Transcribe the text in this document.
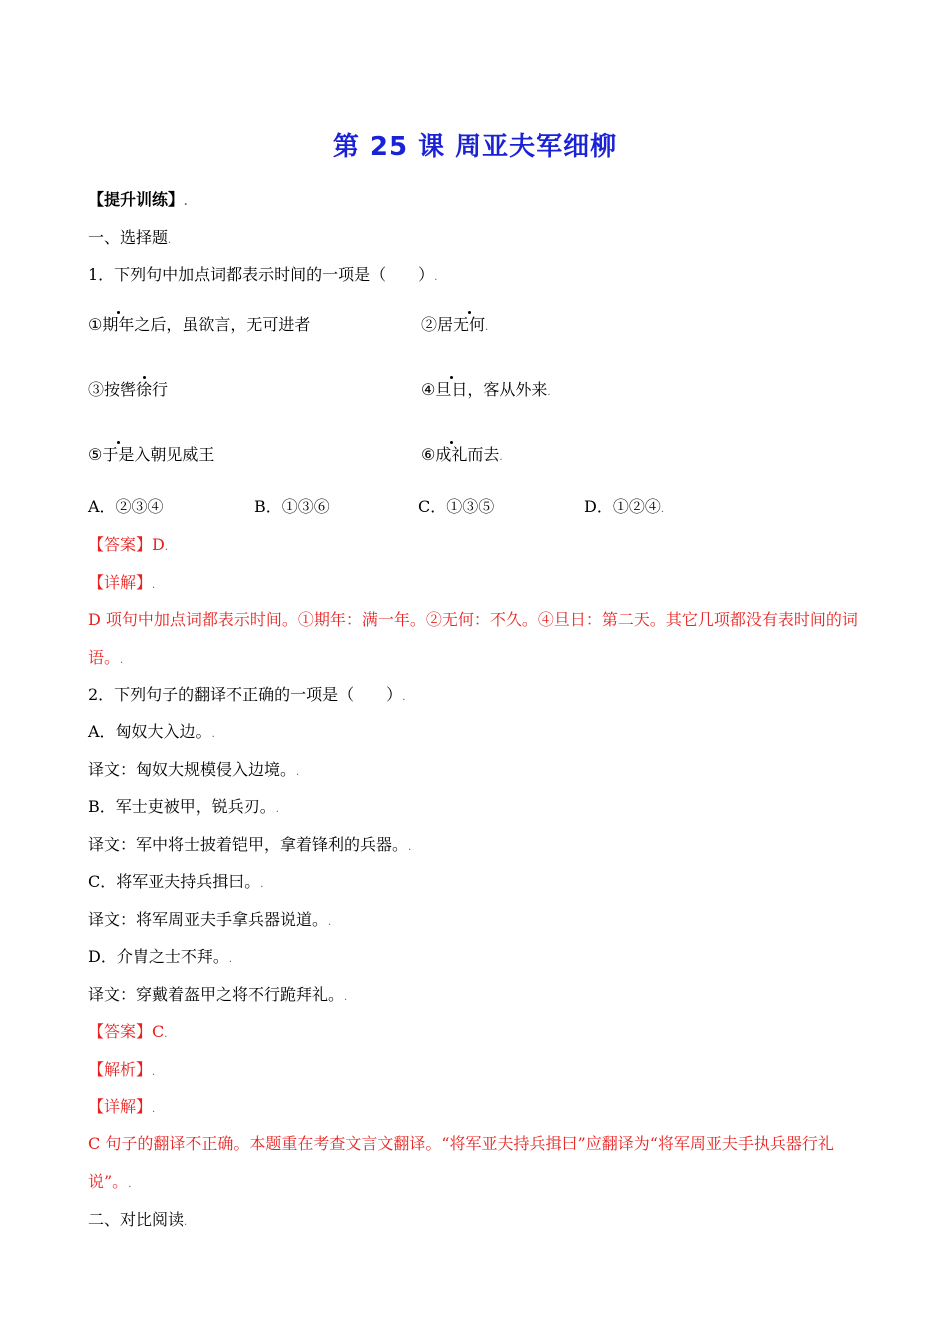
第 25 课 周亚夫军细柳
【提升训练】.
一、选择题.
1．下列句中加点词都表示时间的一项是（　　）.
①期年之后，虽欲言，无可进者	②居无何.
③按辔徐行	④旦日，客从外来.
⑤于是入朝见威王	⑥成礼而去.
A．②③④	B．①③⑥	C．①③⑤	D．①②④.
【答案】D.
【详解】.
D 项句中加点词都表示时间。①期年：满一年。②无何：不久。④旦日：第二天。其它几项都没有表时间的词语。.
2．下列句子的翻译不正确的一项是（　　）.
A．匈奴大入边。.
译文：匈奴大规模侵入边境。.
B．军士吏被甲，锐兵刃。.
译文：军中将士披着铠甲，拿着锋利的兵器。.
C．将军亚夫持兵揖曰。.
译文：将军周亚夫手拿兵器说道。.
D．介胄之士不拜。.
译文：穿戴着盔甲之将不行跪拜礼。.
【答案】C.
【解析】.
【详解】.
C 句子的翻译不正确。本题重在考查文言文翻译。“将军亚夫持兵揖曰”应翻译为“将军周亚夫手执兵器行礼说”。.
二、对比阅读.
